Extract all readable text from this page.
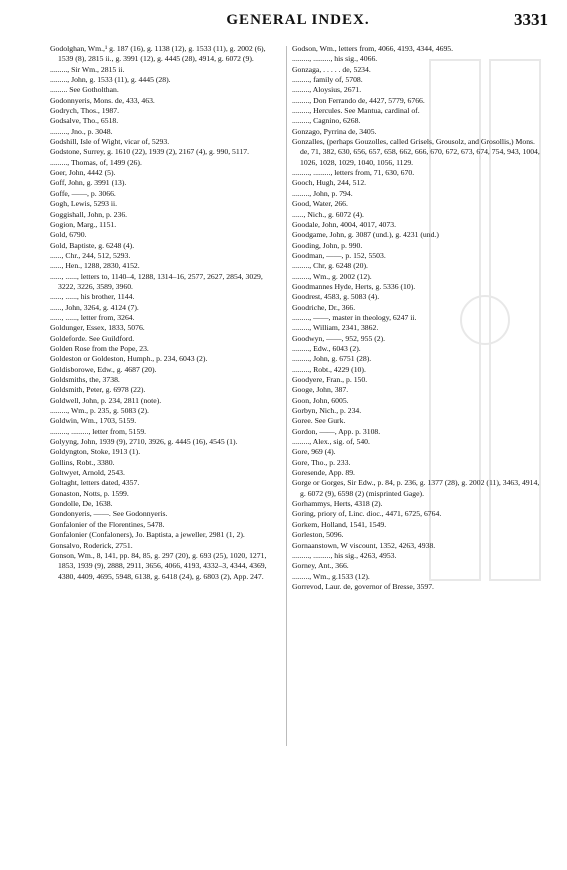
GENERAL INDEX.	3331

Godolghan, Wm.,¹ g. 187 (16), g. 1138 (12), g. 1533 (11), g. 2002 (6), 1539 (8), 2815 ii., g. 3991 (12), g. 4445 (28), 4914, g. 6072 (9).

........., Sir Wm., 2815 ii.

........., John, g. 1533 (11), g. 4445 (28).

......... See Gotholthan.

Godonnyeris, Mons. de, 433, 463.

Godrych, Thos., 1987.

Godsalve, Tho., 6518.

........., Jno., p. 3048.

Godshill, Isle of Wight, vicar of, 5293.

Godstone, Surrey, g. 1610 (22), 1939 (2), 2167 (4), g. 990, 5117.

........., Thomas, of, 1499 (26).

Goer, John, 4442 (5).

Goff, John, g. 3991 (13).

Goffe, ——, p. 3066.

Gogh, Lewis, 5293 ii.

Goggishall, John, p. 236.

Gogion, Marg., 1151.

Gold, 6790.

Gold, Baptiste, g. 6248 (4).

......, Chr., 244, 512, 5293.

......, Hen., 1288, 2830, 4152.

......, ......, letters to, 1140–4, 1288, 1314–16, 2577, 2627, 2854, 3029, 3222, 3226, 3589, 3960.

......, ......, his brother, 1144.

......, John, 3264, g. 4124 (7).

......, ......, letter from, 3264.

Goldunger, Essex, 1833, 5076.

Goldeforde. See Guildford.

Golden Rose from the Pope, 23.

Goldeston or Goldeston, Humph., p. 234, 6043 (2).

Goldisborowe, Edw., g. 4687 (20).

Goldsmiths, the, 3738.

Goldsmith, Peter, g. 6978 (22).

Goldwell, John, p. 234, 2811 (note).

........., Wm., p. 235, g. 5083 (2).

Goldwin, Wm., 1703, 5159.

........., ........., letter from, 5159.

Golyyng, John, 1939 (9), 2710, 3926, g. 4445 (16), 4545 (1).

Goldyngton, Stoke, 1913 (1).

Gollins, Robt., 3380.

Goltwyet, Arnold, 2543.

Goltaght, letters dated, 4357.

Gonaston, Notts, p. 1599.

Gondolle, De, 1638.

Gondonyeris, ——. See Godonnyeris.

Gonfalonier of the Florentines, 5478.

Gonfalonier (Confaloners), Jo. Baptista, a jeweller, 2981 (1, 2).

Gonsalvo, Roderick, 2751.

Gonson, Wm., 8, 141, pp. 84, 85, g. 297 (20), g. 693 (25), 1020, 1271, 1853, 1939 (9), 2888, 2911, 3656, 4066, 4193, 4332–3, 4344, 4369, 4380, 4409, 4695, 5948, 6138, g. 6418 (24), g. 6803 (2), App. 247.

Godson, Wm., letters from, 4066, 4193, 4344, 4695.

........., ........., his sig., 4066.

Gonzaga, . . . . . de, 5234.

........., family of, 5708.

........., Aloysius, 2671.

........., Don Ferrando de, 4427, 5779, 6766.

........., Hercules. See Mantua, cardinal of.

........., Cagnino, 6268.

Gonzago, Pyrrina de, 3405.

Gonzalles, (perhaps Gouzolles, called Grisels, Grousolz, and Grosollis,) Mons. de, 71, 382, 630, 656, 657, 658, 662, 666, 670, 672, 673, 674, 754, 943, 1004, 1026, 1028, 1029, 1040, 1056, 1129.

........., ........., letters from, 71, 630, 670.

Gooch, Hugh, 244, 512.

........., John, p. 794.

Good, Water, 266.

......, Nich., g. 6072 (4).

Goodale, John, 4004, 4017, 4073.

Goodgame, John, g. 3087 (und.), g. 4231 (und.)

Gooding, John, p. 990.

Goodman, ——, p. 152, 5503.

........., Chr, g. 6248 (20).

........., Wm., g. 2002 (12).

Goodmannes Hyde, Herts, g. 5336 (10).

Goodrest, 4583, g. 5083 (4).

Goodriche, Dr., 366.

........., ——, master in theology, 6247 ii.

........., William, 2341, 3862.

Goodwyn, ——, 952, 955 (2).

........., Edw., 6043 (2).

........., John, g. 6751 (28).

........., Robt., 4229 (10).

Goodyere, Fran., p. 150.

Googe, John, 387.

Goon, John, 6005.

Gorbyn, Nich., p. 234.

Goree. See Gurk.

Gordon, ——, App. p. 3108.

........., Alex., sig. of, 540.

Gore, 969 (4).

Gore, Tho., p. 233.

Goresende, App. 89.

Gorge or Gorges, Sir Edw., p. 84, p. 236, g. 1377 (28), g. 2002 (11), 3463, 4914, g. 6072 (9), 6598 (2) (misprinted Gage).

Gorhammys, Herts, 4318 (2).

Goring, priory of, Linc. dioc., 4471, 6725, 6764.

Gorkem, Holland, 1541, 1549.

Gorleston, 5096.

Gornaanstown, W viscount, 1352, 4263, 4938.

........., ........., his sig., 4263, 4953.

Gorney, Ant., 366.

........., Wm., g.1533 (12).

Gorrevod, Laur. de, governor of Bresse, 3597.
